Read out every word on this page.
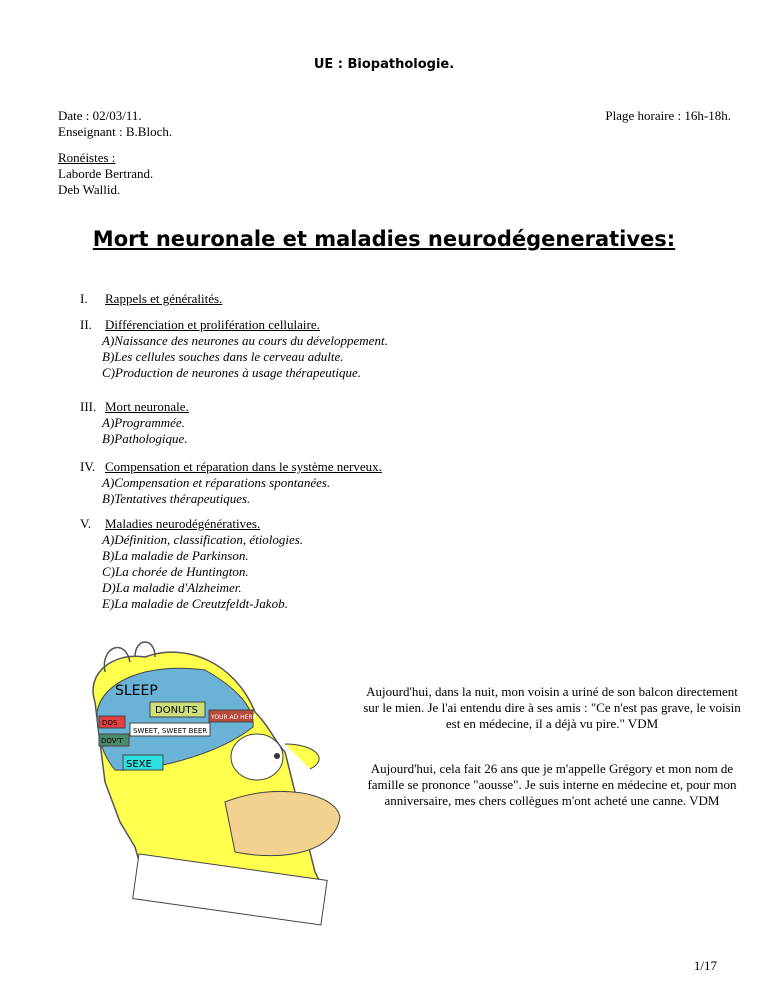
UE : Biopathologie.
Date : 02/03/11.
Enseignant : B.Bloch.
Plage horaire : 16h-18h.
Ronéistes :
Laborde Bertrand.
Deb Wallid.
Mort neuronale et maladies neurodégeneratives:
I. Rappels et généralités.
II. Différenciation et prolifération cellulaire.
A)Naissance des neurones au cours du développement.
B)Les cellules souches dans le cerveau adulte.
C)Production de neurones à usage thérapeutique.
III. Mort neuronale.
A)Programmée.
B)Pathologique.
IV. Compensation et réparation dans le système nerveux.
A)Compensation et réparations spontanées.
B)Tentatives thérapeutiques.
V. Maladies neurodégénératives.
A)Définition, classification, étiologies.
B)La maladie de Parkinson.
C)La chorée de Huntington.
D)La maladie d'Alzheimer.
E)La maladie de Creutzfeldt-Jakob.
SLEEP
DONUTS
SWEET, SWEET BEER
SEXE
DOS
DOV'T
YOUR AD HERE
Aujourd'hui, dans la nuit, mon voisin a uriné de son balcon directement sur le mien. Je l'ai entendu dire à ses amis : "Ce n'est pas grave, le voisin est en médecine, il a déjà vu pire." VDM
Aujourd'hui, cela fait 26 ans que je m'appelle Grégory et mon nom de famille se prononce "aousse". Je suis interne en médecine et, pour mon anniversaire, mes chers collègues m'ont acheté une canne. VDM
1/17
